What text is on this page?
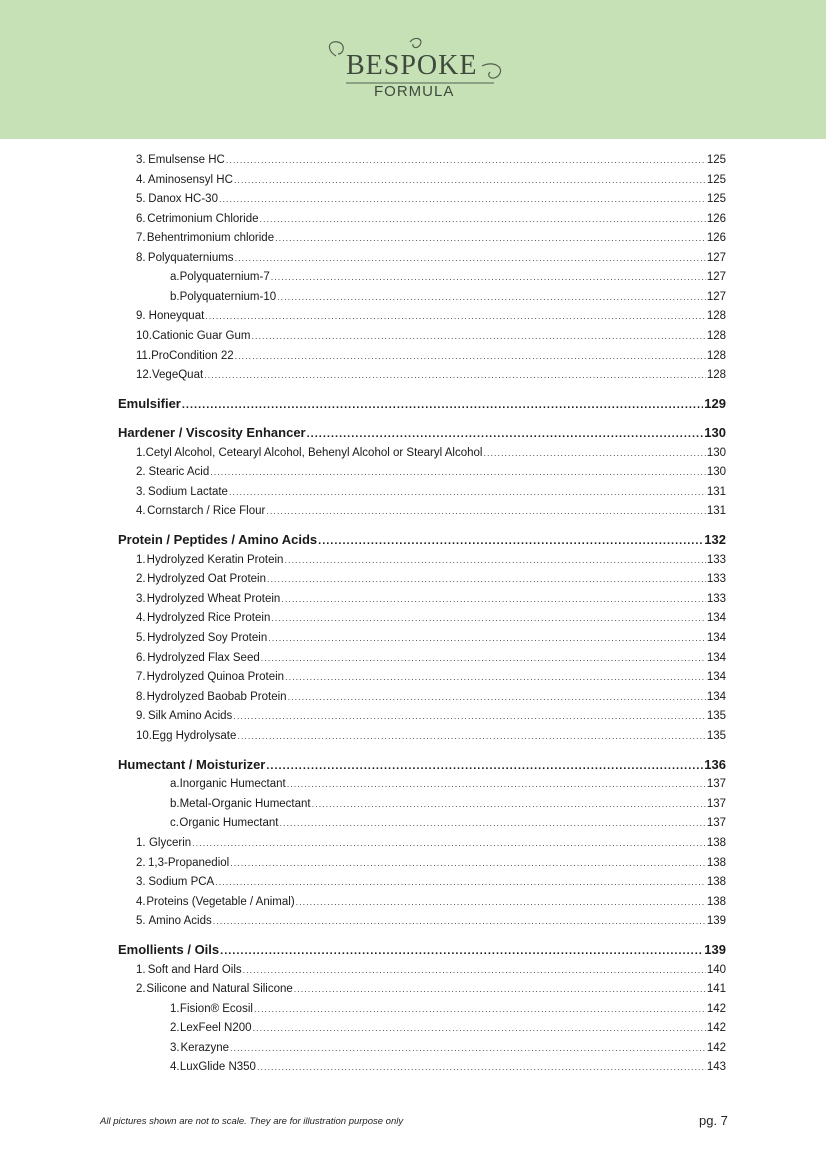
BESPOKE
FORMULA
3. Emulsense HC .....	125
4. Aminosensyl HC .....	125
5. Danox HC-30 .....	125
6. Cetrimonium Chloride .....	126
7. Behentrimonium chloride .....	126
8. Polyquaterniums .....	127
a. Polyquaternium-7 .....	127
b. Polyquaternium-10 .....	127
9. Honeyquat .....	128
10. Cationic Guar Gum .....	128
11. ProCondition 22 .....	128
12. VegeQuat .....	128
Emulsifier .....	129
Hardener / Viscosity Enhancer .....	130
1. Cetyl Alcohol, Cetearyl Alcohol, Behenyl Alcohol or Stearyl Alcohol .....	130
2. Stearic Acid .....	130
3. Sodium Lactate .....	131
4. Cornstarch / Rice Flour .....	131
Protein / Peptides / Amino Acids .....	132
1. Hydrolyzed Keratin Protein .....	133
2. Hydrolyzed Oat Protein .....	133
3. Hydrolyzed Wheat Protein .....	133
4. Hydrolyzed Rice Protein .....	134
5. Hydrolyzed Soy Protein .....	134
6. Hydrolyzed Flax Seed .....	134
7. Hydrolyzed Quinoa Protein .....	134
8. Hydrolyzed Baobab Protein .....	134
9. Silk Amino Acids .....	135
10. Egg Hydrolysate .....	135
Humectant / Moisturizer .....	136
a. Inorganic Humectant .....	137
b. Metal-Organic Humectant .....	137
c. Organic Humectant .....	137
1. Glycerin .....	138
2. 1,3-Propanediol .....	138
3. Sodium PCA .....	138
4. Proteins (Vegetable / Animal) .....	138
5. Amino Acids .....	139
Emollients / Oils .....	139
1. Soft and Hard Oils .....	140
2. Silicone and Natural Silicone .....	141
1. Fision® Ecosil .....	142
2. LexFeel N200 .....	142
3. Kerazyne .....	142
4. LuxGlide N350 .....	143
All pictures shown are not to scale. They are for illustration purpose only	pg. 7
